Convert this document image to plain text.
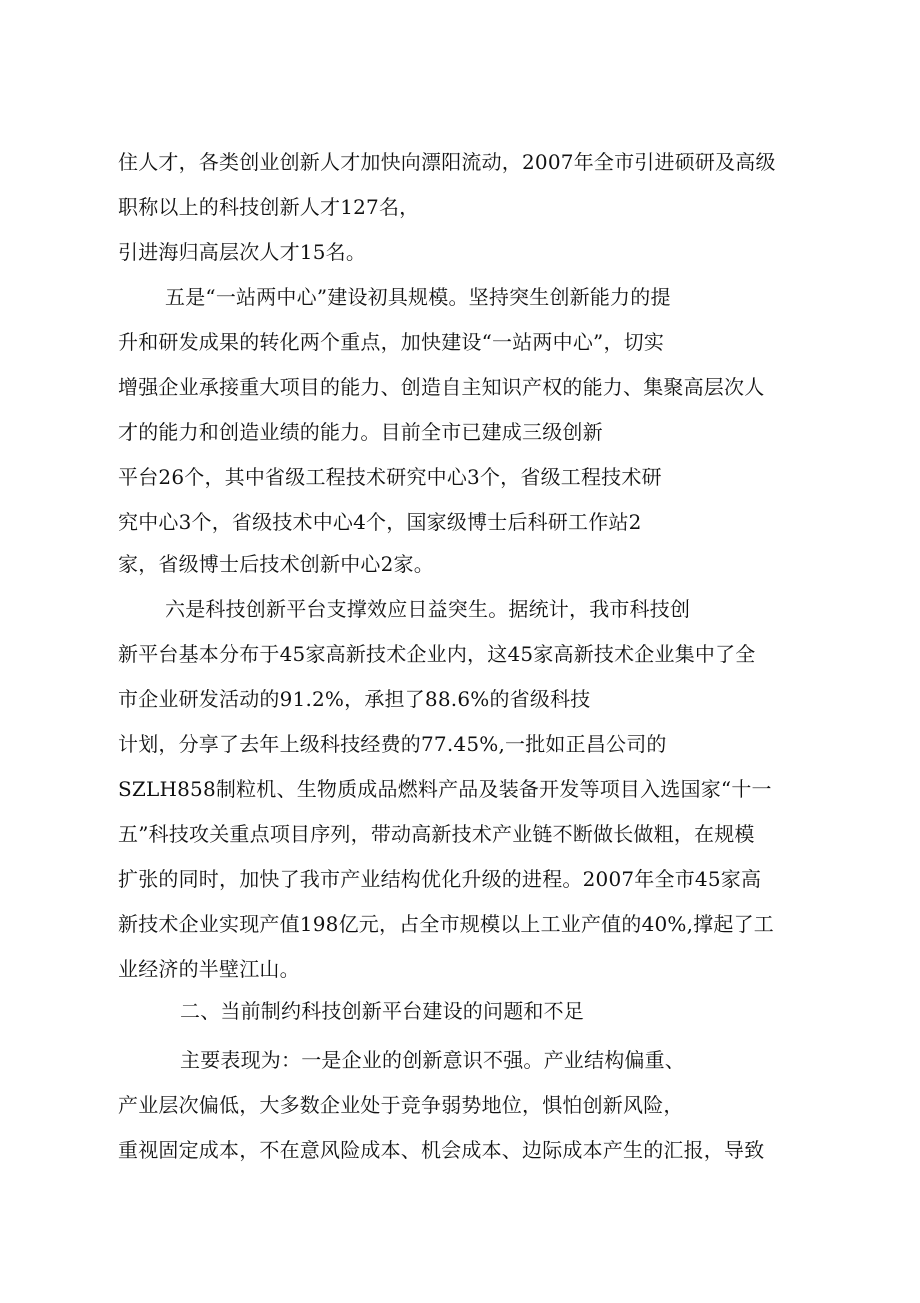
住人才，各类创业创新人才加快向漂阳流动，2007年全市引进硕研及高级
职称以上的科技创新人才127名，
引进海归高层次人才15名。
五是“一站两中心”建设初具规模。坚持突生创新能力的提
升和研发成果的转化两个重点，加快建设“一站两中心”，切实
增强企业承接重大项目的能力、创造自主知识产权的能力、集聚高层次人
才的能力和创造业绩的能力。目前全市已建成三级创新
平台26个，其中省级工程技术研究中心3个，省级工程技术研
究中心3个，省级技术中心4个，国家级博士后科研工作站2
家，省级博士后技术创新中心2家。
六是科技创新平台支撑效应日益突生。据统计，我市科技创
新平台基本分布于45家高新技术企业内，这45家高新技术企业集中了全
市企业研发活动的91.2%，承担了88.6%的省级科技
计划，分享了去年上级科技经费的77.45%,一批如正昌公司的
SZLH858制粒机、生物质成品燃料产品及装备开发等项目入选国家“十一
五”科技攻关重点项目序列，带动高新技术产业链不断做长做粗，在规模
扩张的同时，加快了我市产业结构优化升级的进程。2007年全市45家高
新技术企业实现产值198亿元，占全市规模以上工业产值的40%,撑起了工
业经济的半壁江山。
二、当前制约科技创新平台建设的问题和不足
主要表现为：一是企业的创新意识不强。产业结构偏重、
产业层次偏低，大多数企业处于竞争弱势地位，惧怕创新风险，
重视固定成本，不在意风险成本、机会成本、边际成本产生的汇报，导致
